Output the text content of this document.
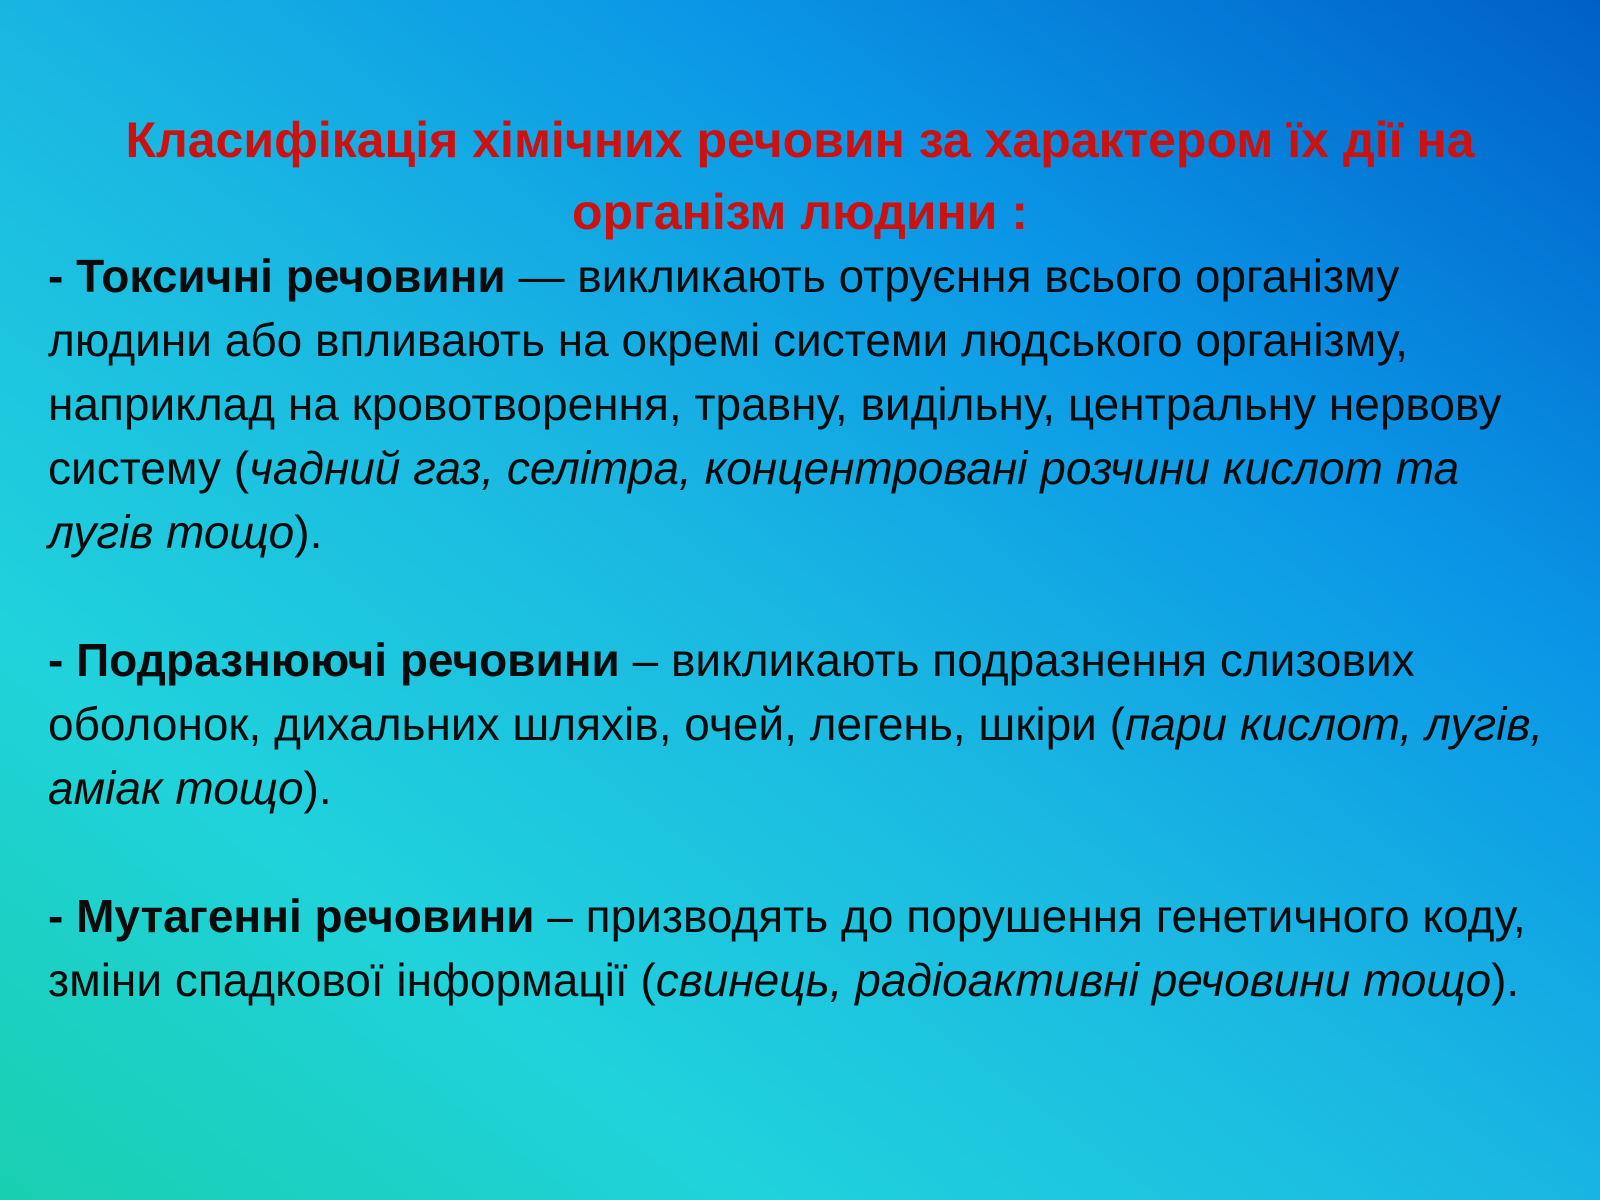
Класифікація хімічних речовин за характером їх дії на організм людини :

- Токсичні речовини — викликають отруєння всього організму людини або впливають на окремі системи людського організму, наприклад на кровотворення, травну, видільну, центральну нервову систему (чадний газ, селітра, концентровані розчини кислот та лугів тощо).

- Подразнюючі речовини – викликають подразнення слизових оболонок, дихальних шляхів, очей, легень, шкіри (пари кислот, лугів, аміак тощо).

- Мутагенні речовини – призводять до порушення генетичного коду, зміни спадкової інформації (свинець, радіоактивні речовини тощо).
